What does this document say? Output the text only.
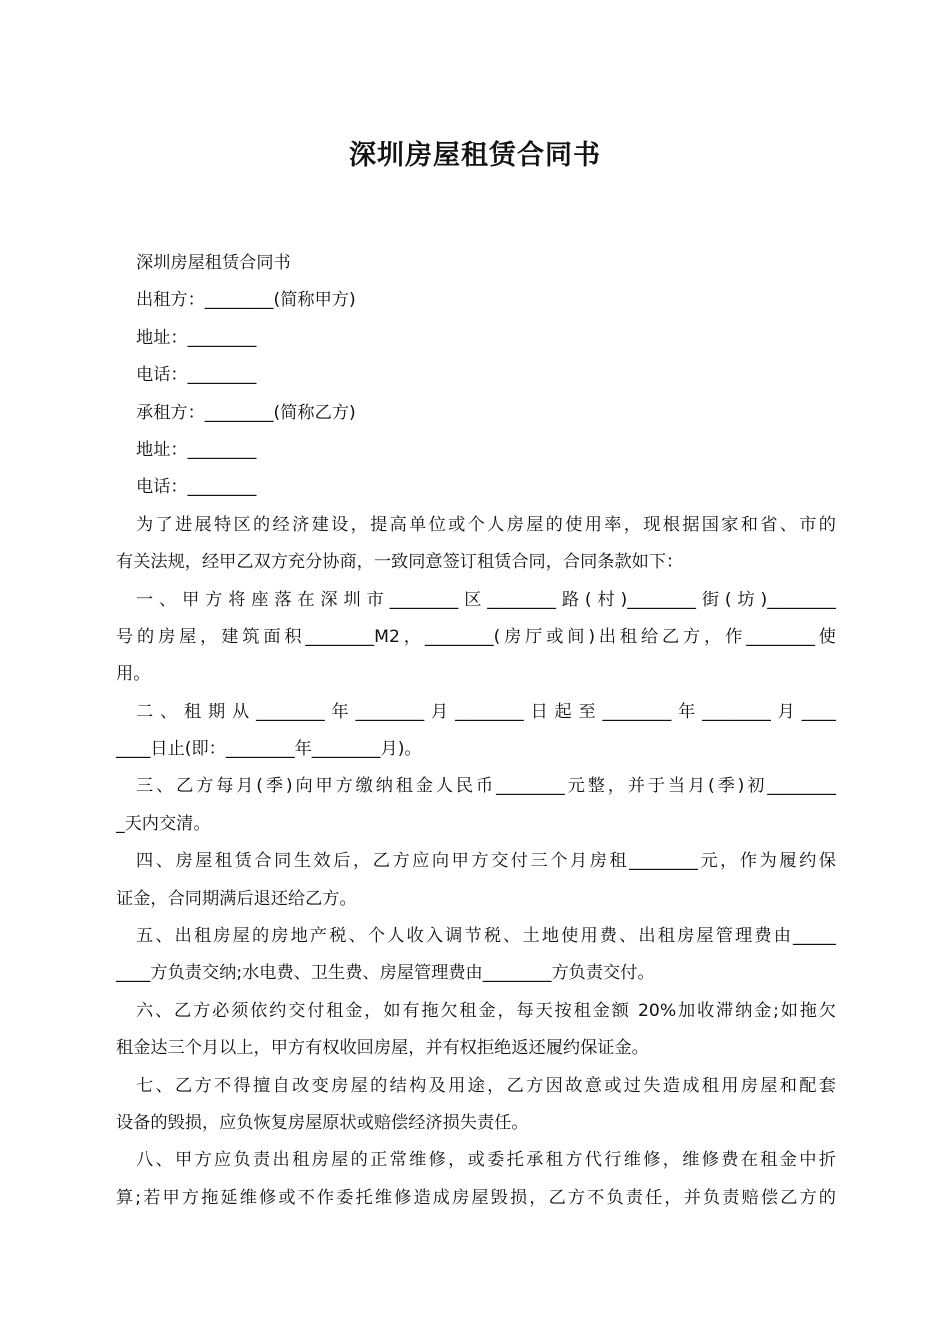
深圳房屋租赁合同书
深圳房屋租赁合同书
出租方：________(简称甲方)
地址：________
电话：________
承租方：________(简称乙方)
地址：________
电话：________
为了进展特区的经济建设，提高单位或个人房屋的使用率，现根据国家和省、市的
有关法规，经甲乙双方充分协商，一致同意签订租赁合同，合同条款如下：
一、甲方将座落在深圳市________区________路(村)________街(坊)________
号的房屋，建筑面积________M2，________(房厅或间)出租给乙方，作________使
用。
二、租期从________年________月________日起至________年________月____
____日止(即：________年________月)。
三、乙方每月(季)向甲方缴纳租金人民币________元整，并于当月(季)初________
_天内交清。
四、房屋租赁合同生效后，乙方应向甲方交付三个月房租________元，作为履约保
证金，合同期满后退还给乙方。
五、出租房屋的房地产税、个人收入调节税、土地使用费、出租房屋管理费由_____
____方负责交纳;水电费、卫生费、房屋管理费由________方负责交付。
六、乙方必须依约交付租金，如有拖欠租金，每天按租金额 20%加收滞纳金;如拖欠
租金达三个月以上，甲方有权收回房屋，并有权拒绝返还履约保证金。
七、乙方不得擅自改变房屋的结构及用途，乙方因故意或过失造成租用房屋和配套
设备的毁损，应负恢复房屋原状或赔偿经济损失责任。
八、甲方应负责出租房屋的正常维修，或委托承租方代行维修，维修费在租金中折
算;若甲方拖延维修或不作委托维修造成房屋毁损，乙方不负责任，并负责赔偿乙方的
